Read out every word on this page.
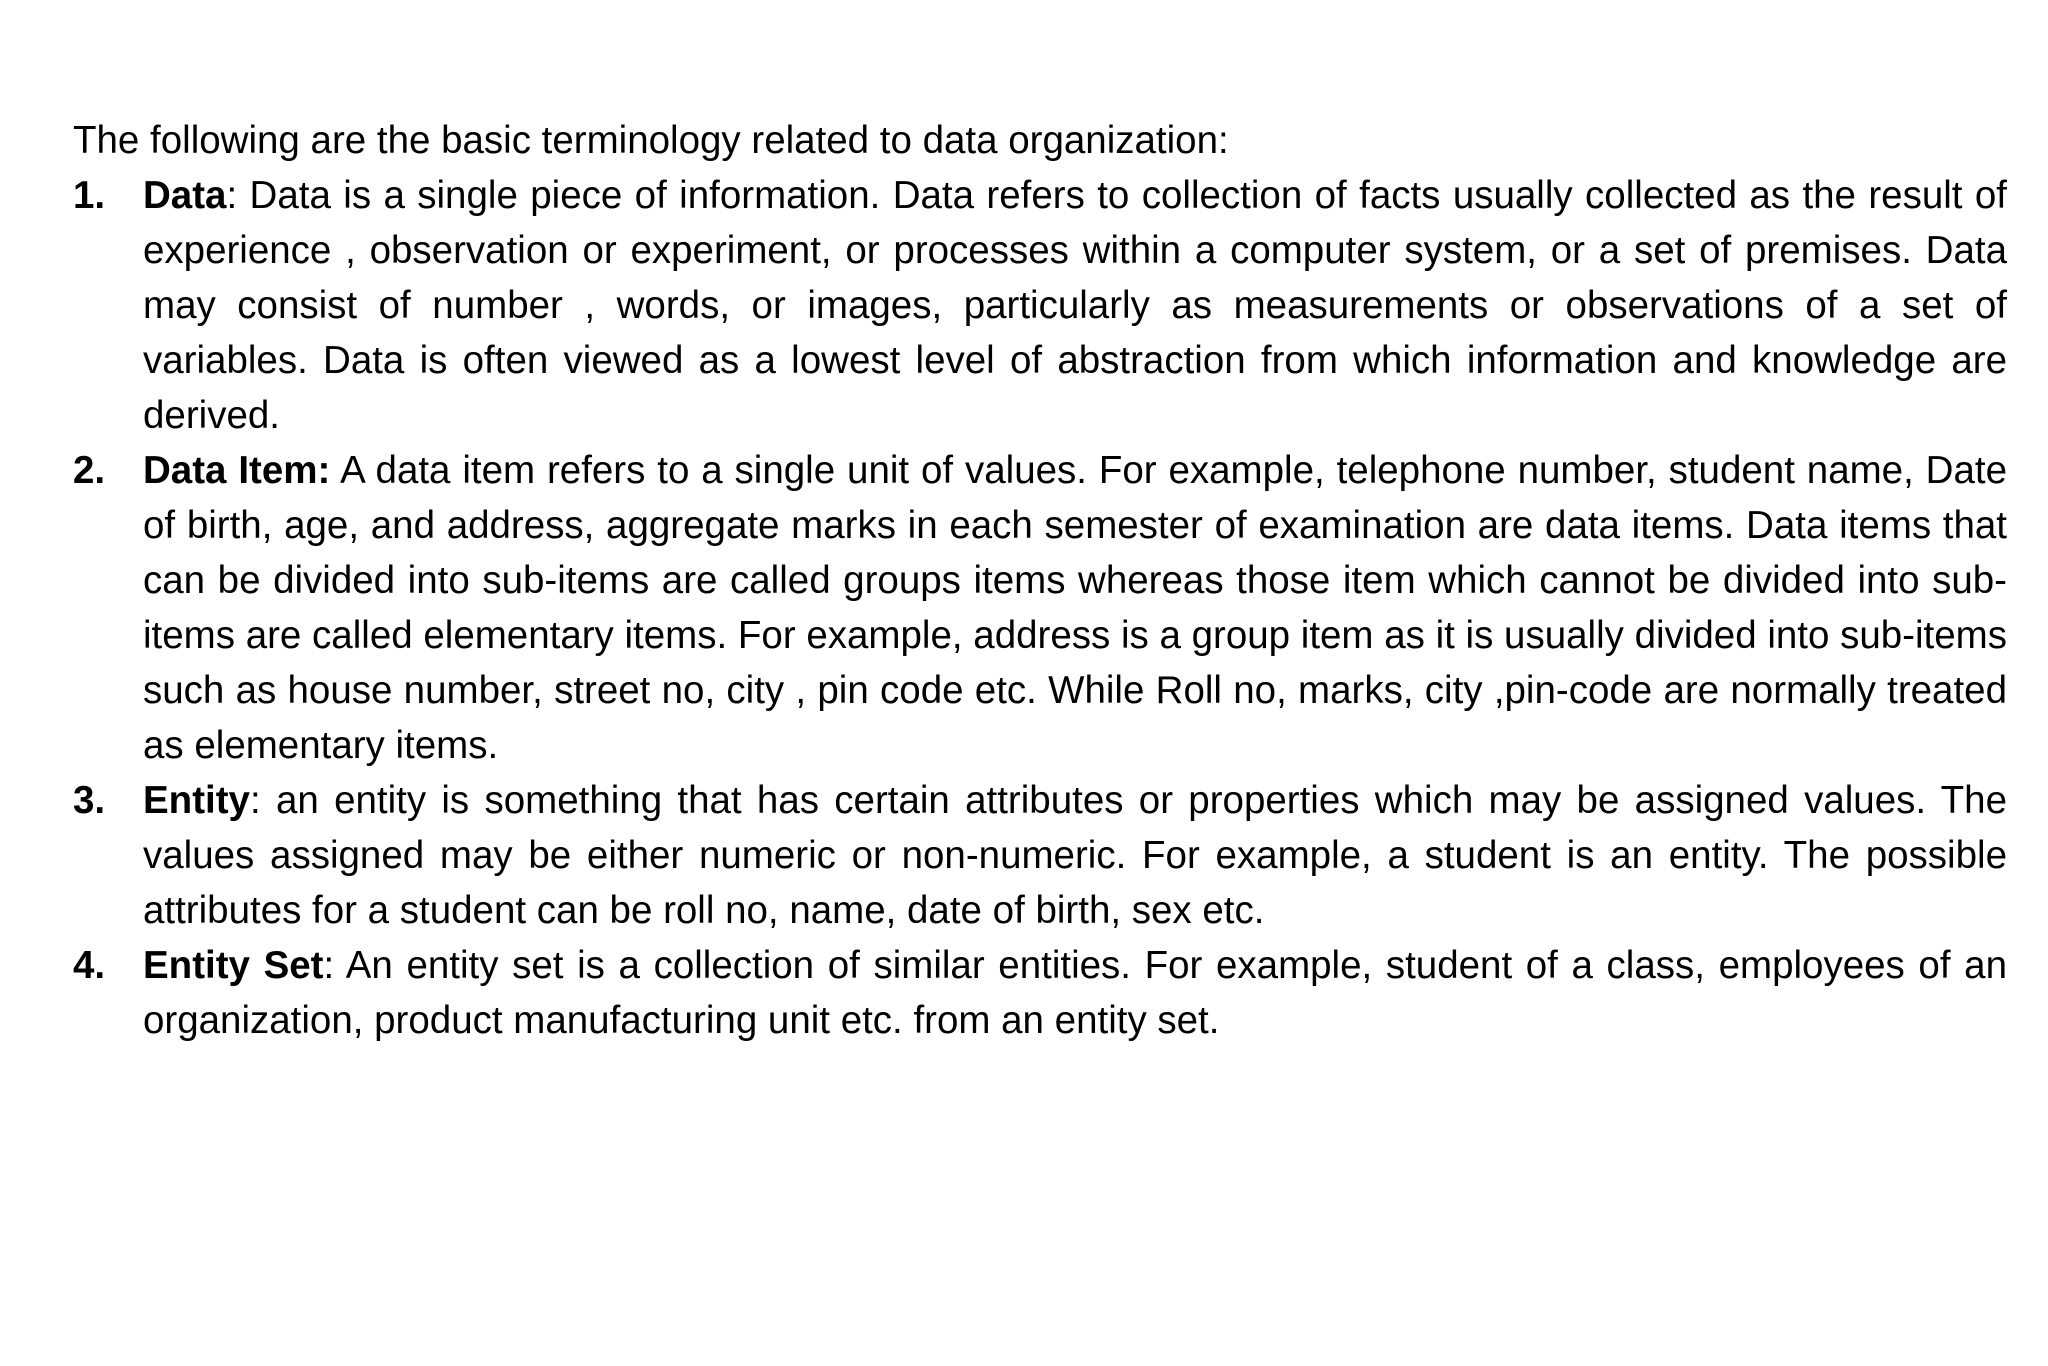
The following are the basic terminology related to data organization:

1. Data: Data is a single piece of information. Data refers to collection of facts usually collected as the result of experience , observation or experiment, or processes within a computer system, or a set of premises. Data may consist of number , words, or images, particularly as measurements or observations of a set of variables. Data is often viewed as a lowest level of abstraction from which information and knowledge are derived.
2. Data Item: A data item refers to a single unit of values. For example, telephone number, student name, Date of birth, age, and address, aggregate marks in each semester of examination are data items. Data items that can be divided into sub-items are called groups items whereas those item which cannot be divided into sub-items are called elementary items. For example, address is a group item as it is usually divided into sub-items such as house number, street no, city , pin code etc. While Roll no, marks, city ,pin-code are normally treated as elementary items.
3. Entity: an entity is something that has certain attributes or properties which may be assigned values. The values assigned may be either numeric or non-numeric. For example, a student is an entity. The possible attributes for a student can be roll no, name, date of birth, sex etc.
4. Entity Set: An entity set is a collection of similar entities. For example, student of a class, employees of an organization, product manufacturing unit etc. from an entity set.
